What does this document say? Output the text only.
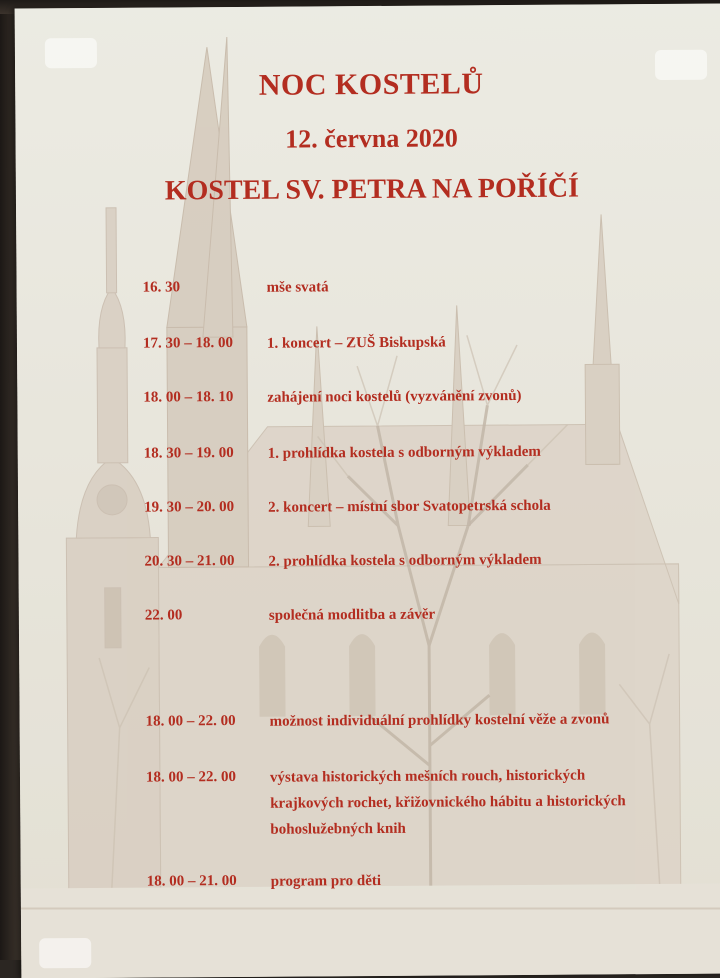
NOC KOSTELŮ
12. června 2020
KOSTEL SV. PETRA NA POŘÍČÍ
16. 30	mše svatá
17. 30 – 18. 00 1. koncert – ZUŠ Biskupská
18. 00 – 18. 10 zahájení noci kostelů (vyzvánění zvonů)
18. 30 – 19. 00 1. prohlídka kostela s odborným výkladem
19. 30 – 20. 00 2. koncert – místní sbor Svatopetrská schola
20. 30 – 21. 00 2. prohlídka kostela s odborným výkladem
22. 00	společná modlitba a závěr
18. 00 – 22. 00 možnost individuální prohlídky kostelní věže a zvonů
18. 00 – 22. 00 výstava historických mešních rouch, historických
krajkových rochet, křižovnického hábitu a historických
bohoslužebných knih
18. 00 – 21. 00 program pro děti
